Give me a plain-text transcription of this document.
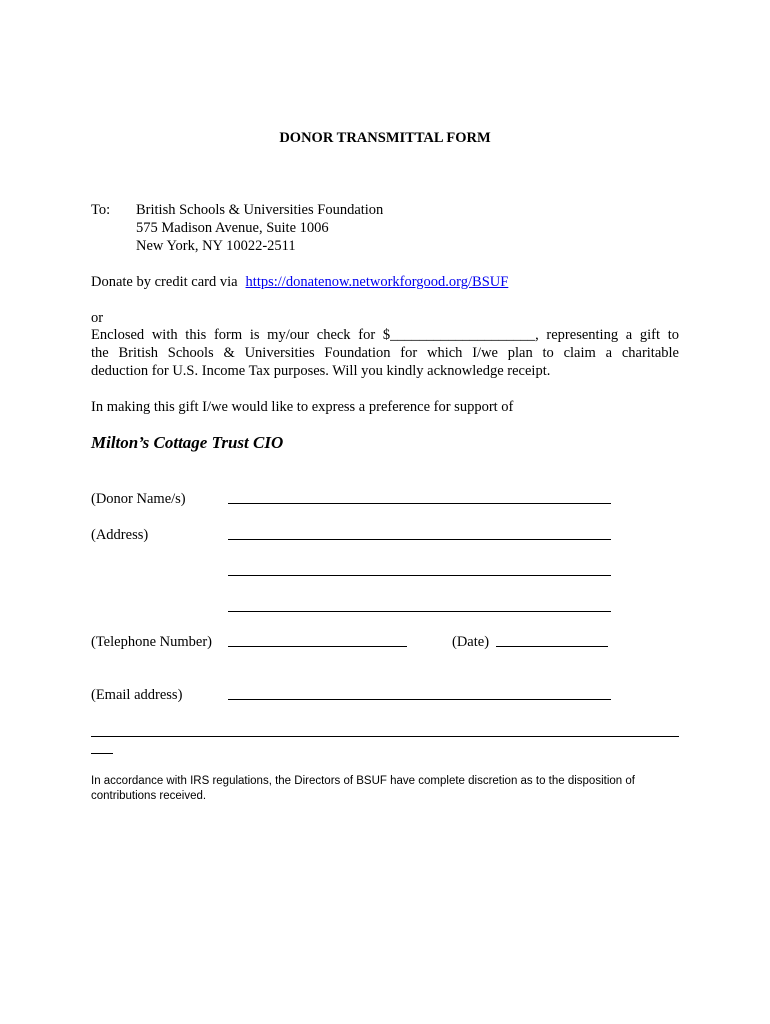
DONOR TRANSMITTAL FORM
To: British Schools & Universities Foundation
575 Madison Avenue, Suite 1006
New York, NY 10022-2511
Donate by credit card via https://donatenow.networkforgood.org/BSUF
or
Enclosed with this form is my/our check for $____________________, representing a gift to
the British Schools & Universities Foundation for which I/we plan to claim a charitable
deduction for U.S. Income Tax purposes. Will you kindly acknowledge receipt.
In making this gift I/we would like to express a preference for support of
Milton’s Cottage Trust CIO
(Donor Name/s)
(Address)
(Telephone Number)	(Date)
(Email address)
In accordance with IRS regulations, the Directors of BSUF have complete discretion as to the disposition of contributions received.
